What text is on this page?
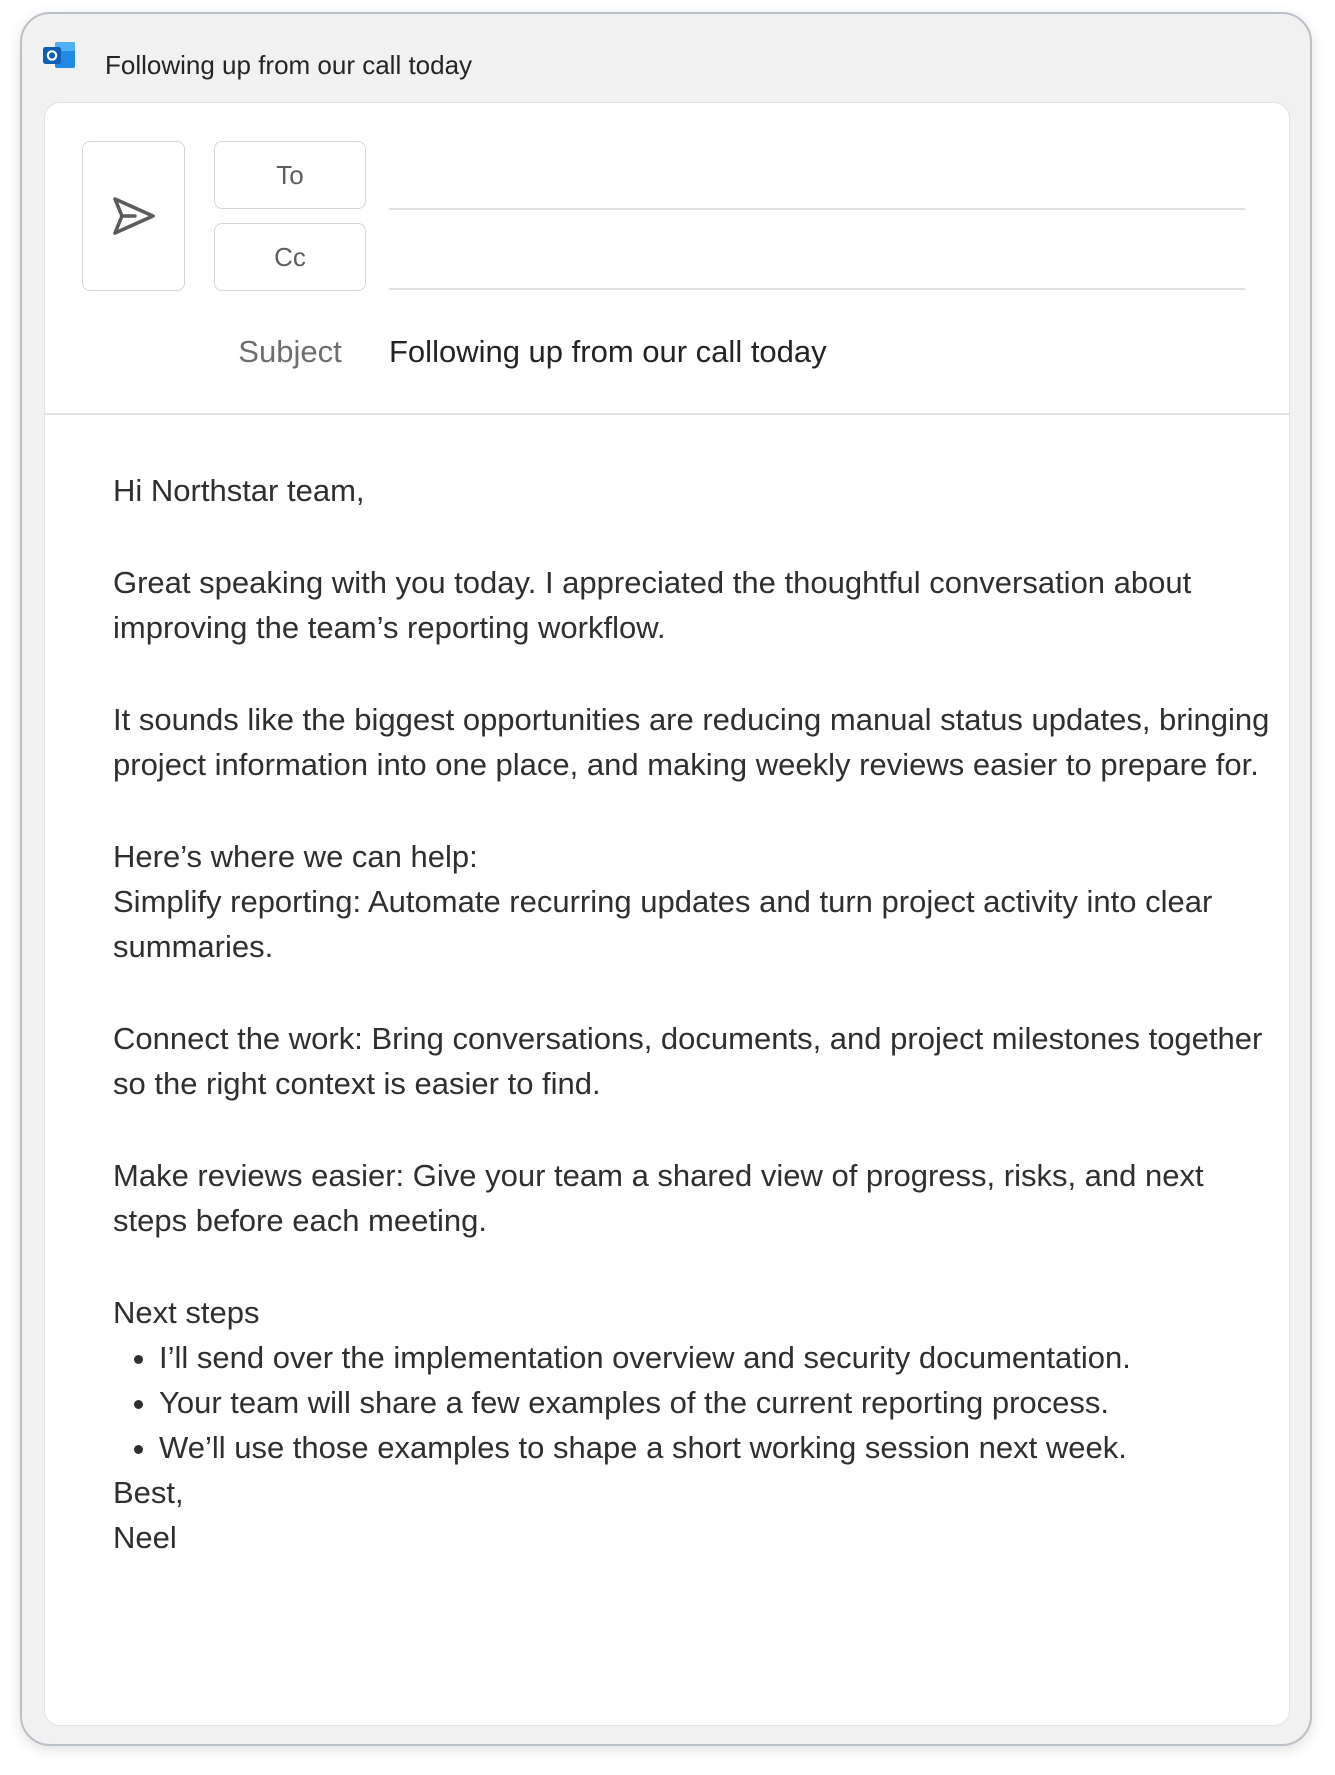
Following up from our call today
To
Cc
Subject	Following up from our call today

Hi Northstar team,

Great speaking with you today. I appreciated the thoughtful conversation about improving the team’s reporting workflow.

It sounds like the biggest opportunities are reducing manual status updates, bringing project information into one place, and making weekly reviews easier to prepare for.

Here’s where we can help:

Simplify reporting: Automate recurring updates and turn project activity into clear summaries.

Connect the work: Bring conversations, documents, and project milestones together so the right context is easier to find.

Make reviews easier: Give your team a shared view of progress, risks, and next steps before each meeting.

Next steps

• I’ll send over the implementation overview and security documentation.
• Your team will share a few examples of the current reporting process.
• We’ll use those examples to shape a short working session next week.

Best,

Neel
